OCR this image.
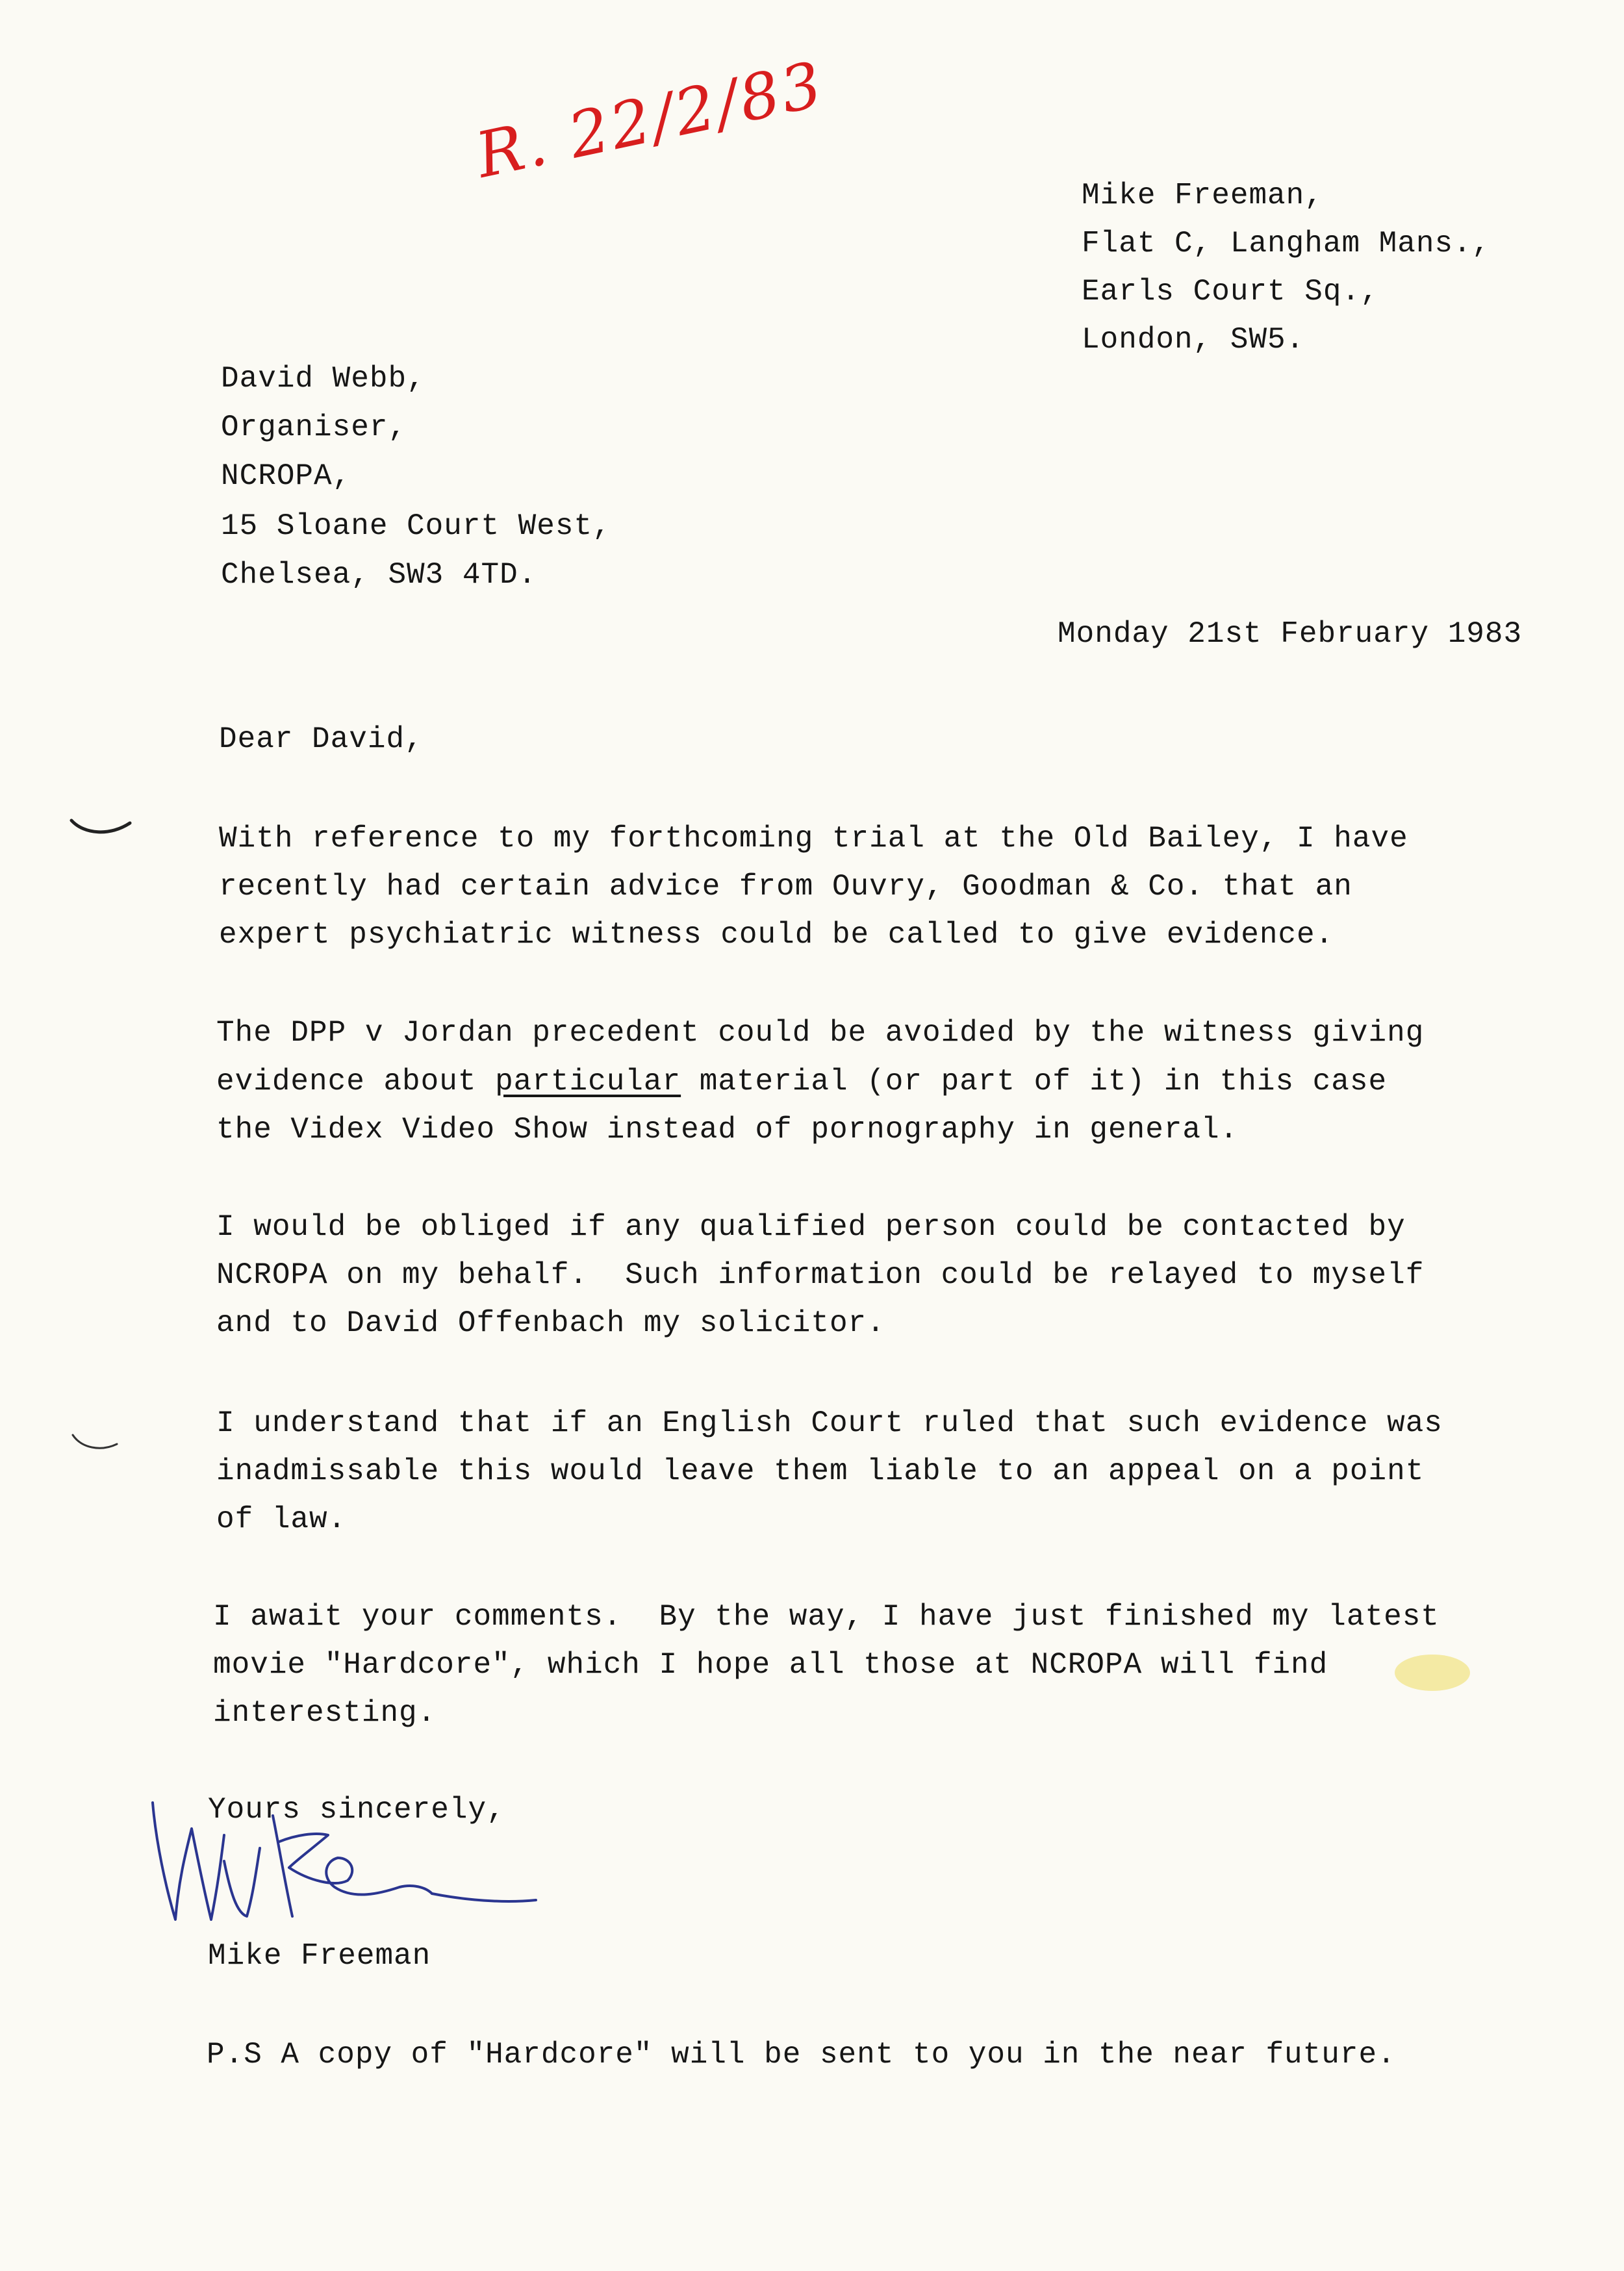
R. 22/2/83
Mike Freeman,
Flat C, Langham Mans.,
Earls Court Sq.,
London, SW5.
David Webb,
Organiser,
NCROPA,
15 Sloane Court West,
Chelsea, SW3 4TD.
Monday 21st February 1983
Dear David,
With reference to my forthcoming trial at the Old Bailey, I have
recently had certain advice from Ouvry, Goodman & Co. that an
expert psychiatric witness could be called to give evidence.
The DPP v Jordan precedent could be avoided by the witness giving
evidence about particular material (or part of it) in this case
the Videx Video Show instead of pornography in general.
I would be obliged if any qualified person could be contacted by
NCROPA on my behalf.  Such information could be relayed to myself
and to David Offenbach my solicitor.
I understand that if an English Court ruled that such evidence was
inadmissable this would leave them liable to an appeal on a point
of law.
I await your comments.  By the way, I have just finished my latest
movie "Hardcore", which I hope all those at NCROPA will find
interesting.
Yours sincerely,
Mike Freeman
P.S A copy of "Hardcore" will be sent to you in the near future.
